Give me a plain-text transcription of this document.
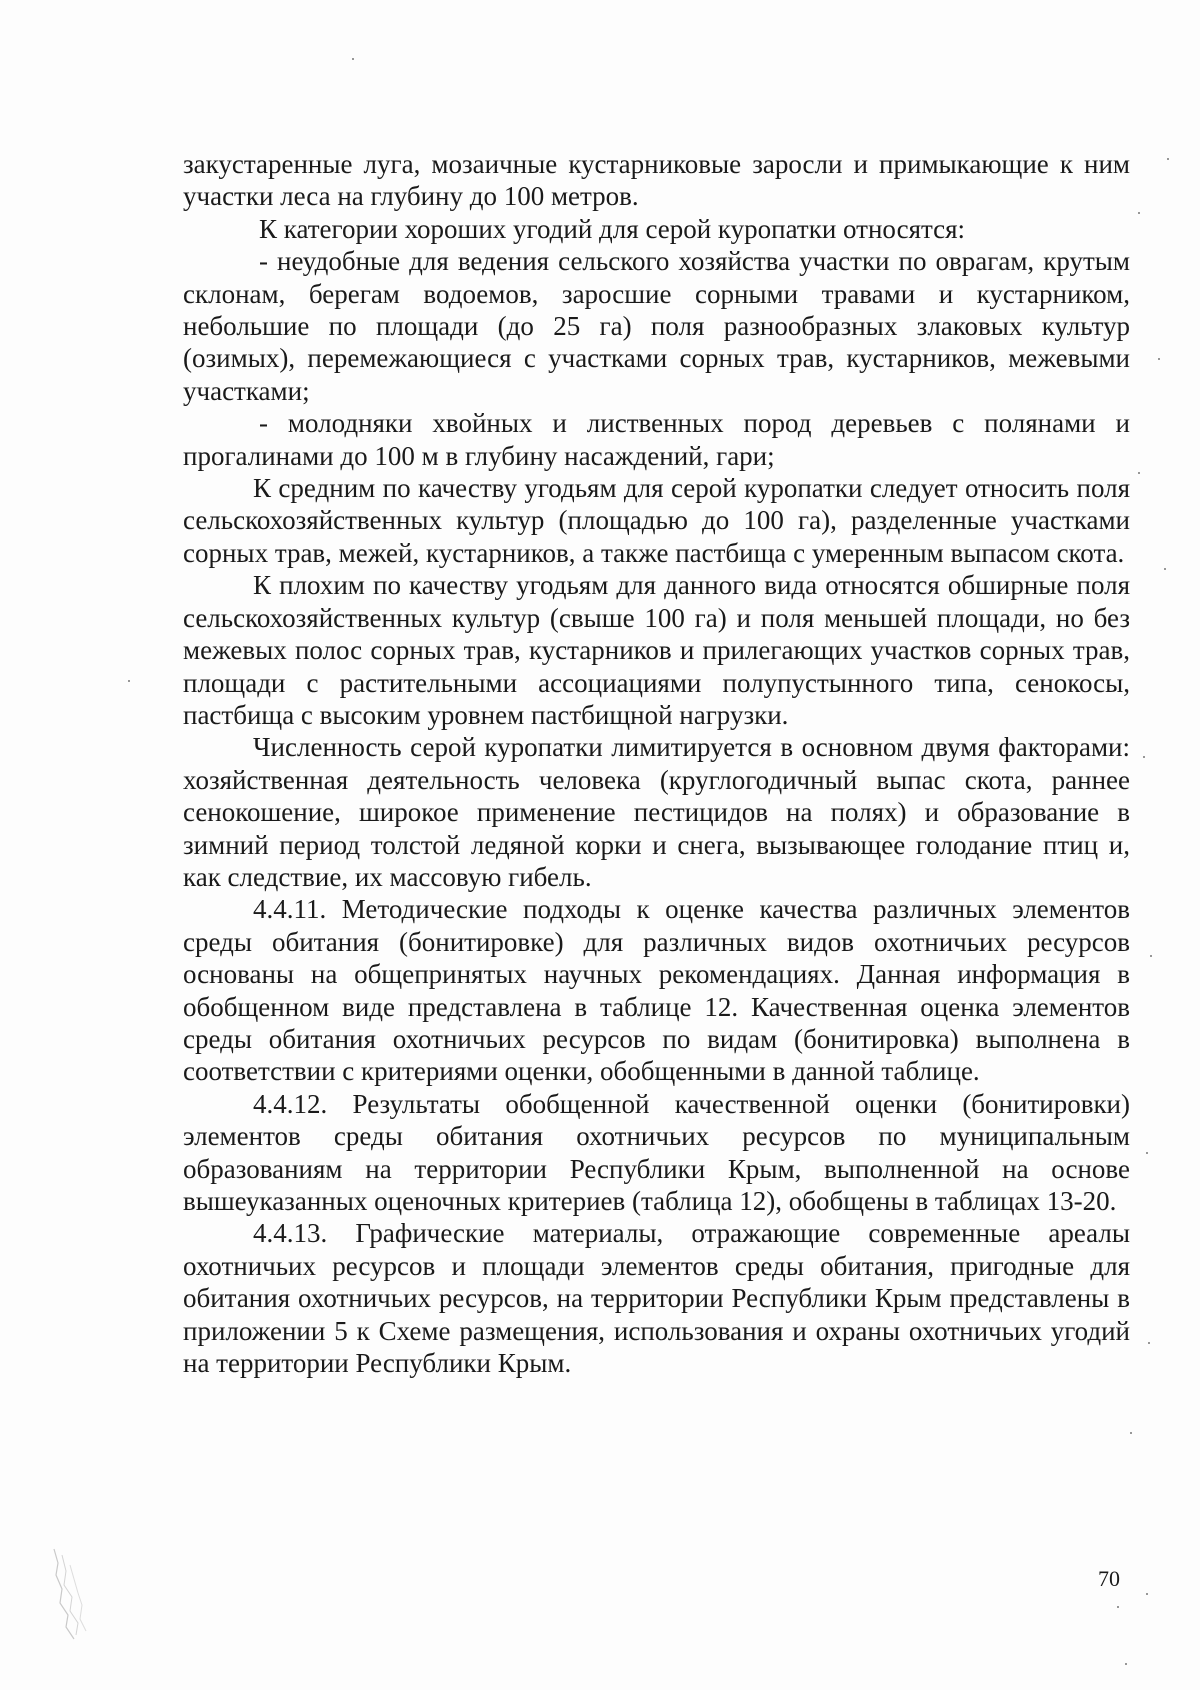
закустаренные луга, мозаичные кустарниковые заросли и примыкающие к ним участки леса на глубину до 100 метров.

К категории хороших угодий для серой куропатки относятся:

- неудобные для ведения сельского хозяйства участки по оврагам, крутым склонам, берегам водоемов, заросшие сорными травами и кустарником, небольшие по площади (до 25 га) поля разнообразных злаковых культур (озимых), перемежающиеся с участками сорных трав, кустарников, межевыми участками;

- молодняки хвойных и лиственных пород деревьев с полянами и прогалинами до 100 м в глубину насаждений, гари;

К средним по качеству угодьям для серой куропатки следует относить поля сельскохозяйственных культур (площадью до 100 га), разделенные участками сорных трав, межей, кустарников, а также пастбища с умеренным выпасом скота.

К плохим по качеству угодьям для данного вида относятся обширные поля сельскохозяйственных культур (свыше 100 га) и поля меньшей площади, но без межевых полос сорных трав, кустарников и прилегающих участков сорных трав, площади с растительными ассоциациями полупустынного типа, сенокосы, пастбища с высоким уровнем пастбищной нагрузки.

Численность серой куропатки лимитируется в основном двумя факторами: хозяйственная деятельность человека (круглогодичный выпас скота, раннее сенокошение, широкое применение пестицидов на полях) и образование в зимний период толстой ледяной корки и снега, вызывающее голодание птиц и, как следствие, их массовую гибель.

4.4.11. Методические подходы к оценке качества различных элементов среды обитания (бонитировке) для различных видов охотничьих ресурсов основаны на общепринятых научных рекомендациях. Данная информация в обобщенном виде представлена в таблице 12. Качественная оценка элементов среды обитания охотничьих ресурсов по видам (бонитировка) выполнена в соответствии с критериями оценки, обобщенными в данной таблице.

4.4.12. Результаты обобщенной качественной оценки (бонитировки) элементов среды обитания охотничьих ресурсов по муниципальным образованиям на территории Республики Крым, выполненной на основе вышеуказанных оценочных критериев (таблица 12), обобщены в таблицах 13-20.

4.4.13. Графические материалы, отражающие современные ареалы охотничьих ресурсов и площади элементов среды обитания, пригодные для обитания охотничьих ресурсов, на территории Республики Крым представлены в приложении 5 к Схеме размещения, использования и охраны охотничьих угодий на территории Республики Крым.

70
